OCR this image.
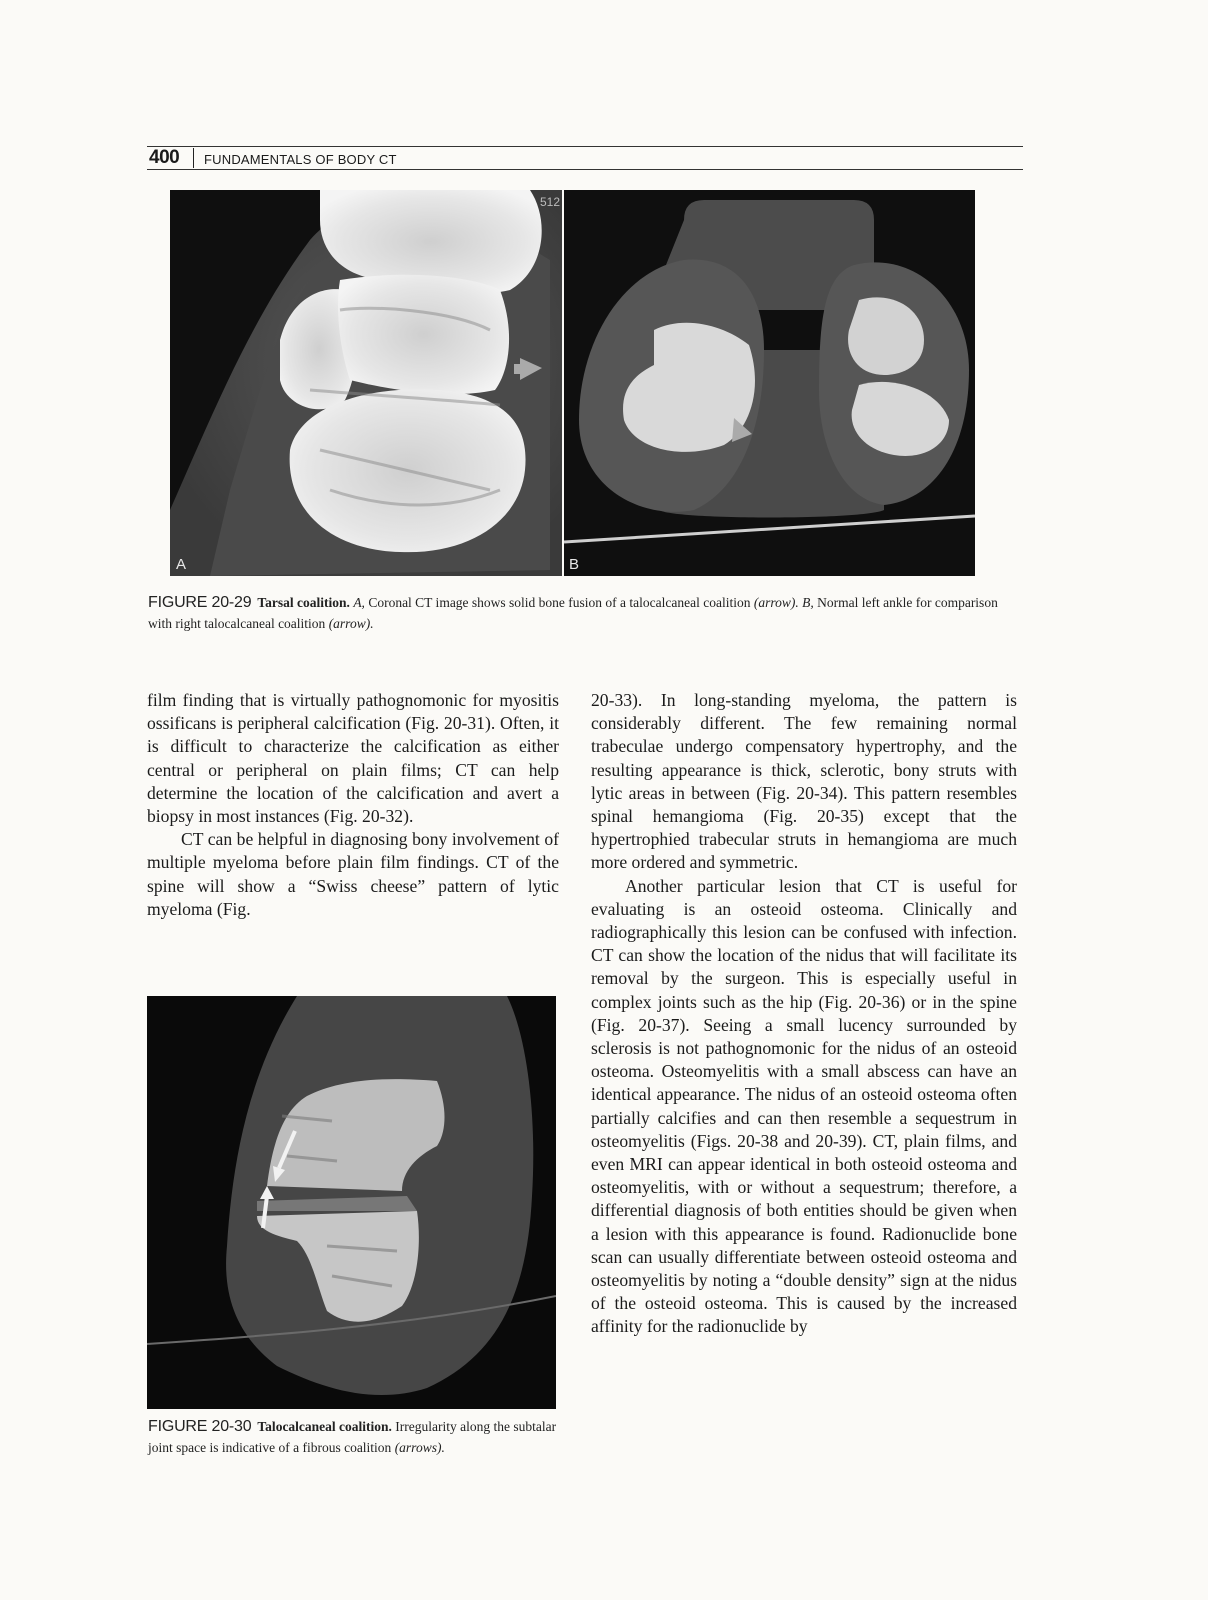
400 FUNDAMENTALS OF BODY CT
512
A	B
FIGURE 20-29 Tarsal coalition. A, Coronal CT image shows solid bone fusion of a talocalcaneal coalition (arrow). B, Normal left ankle for comparison with right talocalcaneal coalition (arrow).

film finding that is virtually pathognomonic for myositis ossificans is peripheral calcification (Fig. 20-31). Often, it is difficult to characterize the calcification as either central or peripheral on plain films; CT can help determine the location of the calcification and avert a biopsy in most instances (Fig. 20-32).

CT can be helpful in diagnosing bony involvement of multiple myeloma before plain film findings. CT of the spine will show a “Swiss cheese” pattern of lytic myeloma (Fig.

FIGURE 20-30 Talocalcaneal coalition. Irregularity along the subtalar joint space is indicative of a fibrous coalition (arrows).

20-33). In long-standing myeloma, the pattern is considerably different. The few remaining normal trabeculae undergo compensatory hypertrophy, and the resulting appearance is thick, sclerotic, bony struts with lytic areas in between (Fig. 20-34). This pattern resembles spinal hemangioma (Fig. 20-35) except that the hypertrophied trabecular struts in hemangioma are much more ordered and symmetric.

Another particular lesion that CT is useful for evaluating is an osteoid osteoma. Clinically and radiographically this lesion can be confused with infection. CT can show the location of the nidus that will facilitate its removal by the surgeon. This is especially useful in complex joints such as the hip (Fig. 20-36) or in the spine (Fig. 20-37). Seeing a small lucency surrounded by sclerosis is not pathognomonic for the nidus of an osteoid osteoma. Osteomyelitis with a small abscess can have an identical appearance. The nidus of an osteoid osteoma often partially calcifies and can then resemble a sequestrum in osteomyelitis (Figs. 20-38 and 20-39). CT, plain films, and even MRI can appear identical in both osteoid osteoma and osteomyelitis, with or without a sequestrum; therefore, a differential diagnosis of both entities should be given when a lesion with this appearance is found. Radionuclide bone scan can usually differentiate between osteoid osteoma and osteomyelitis by noting a “double density” sign at the nidus of the osteoid osteoma. This is caused by the increased affinity for the radionuclide by
